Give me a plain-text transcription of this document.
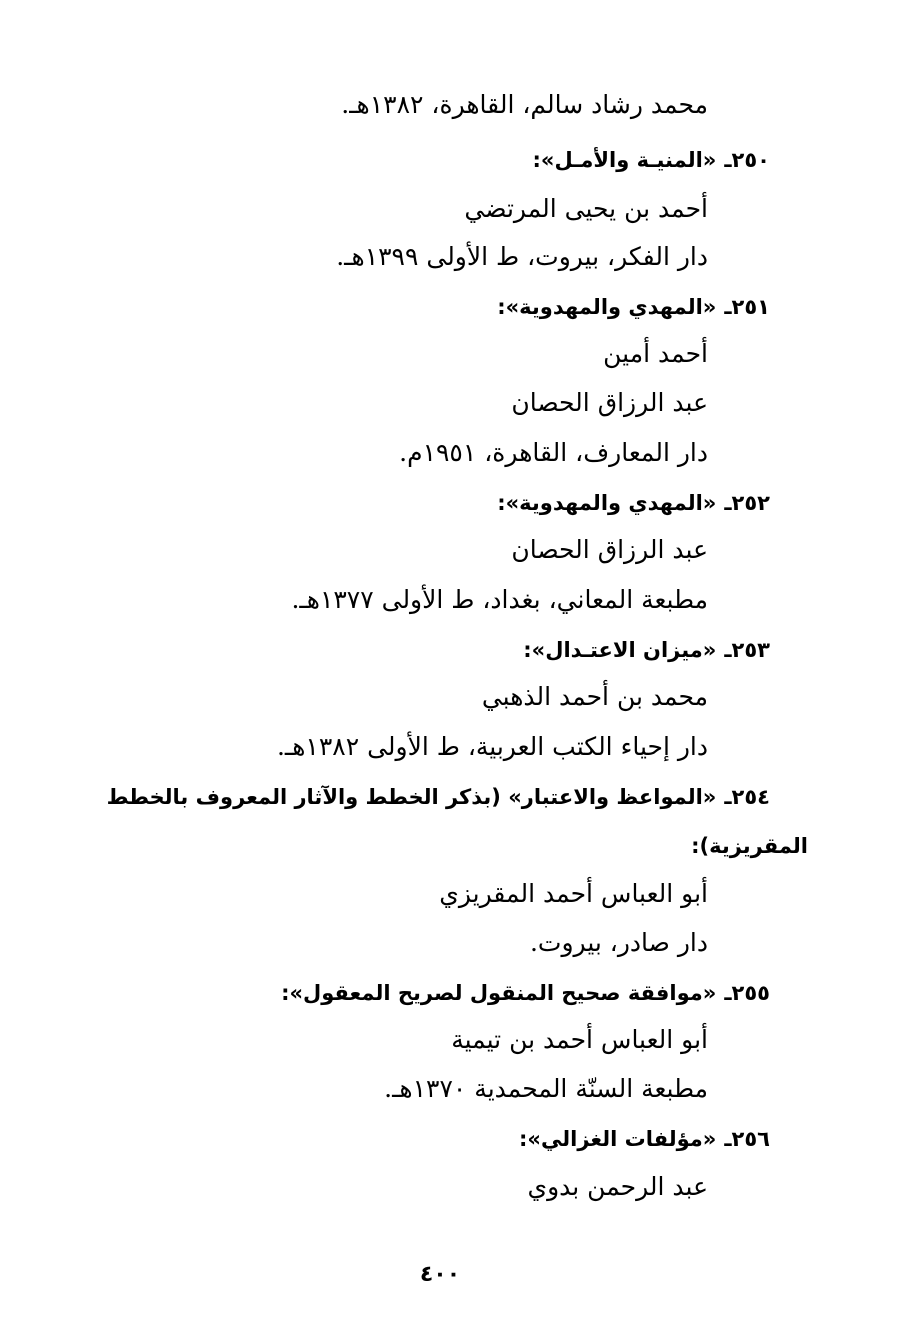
محمد رشاد سالم، القاهرة، ١٣٨٢هـ.
٢٥٠ـ«المنيـة والأمـل»:
أحمد بن يحيى المرتضي
دار الفكر، بيروت، ط الأولى ١٣٩٩هـ.
٢٥١ـ«المهدي والمهدوية»:
أحمد أمين
عبد الرزاق الحصان
دار المعارف، القاهرة، ١٩٥١م.
٢٥٢ـ«المهدي والمهدوية»:
عبد الرزاق الحصان
مطبعة المعاني، بغداد، ط الأولى ١٣٧٧هـ.
٢٥٣ـ«ميزان الاعتـدال»:
محمد بن أحمد الذهبي
دار إحياء الكتب العربية، ط الأولى ١٣٨٢هـ.
٢٥٤ـ«المواعظ والاعتبار» (بذكر الخطط والآثار المعروف بالخطط
المقريزية):
أبو العباس أحمد المقريزي
دار صادر، بيروت.
٢٥٥ـ«موافقة صحيح المنقول لصريح المعقول»:
أبو العباس أحمد بن تيمية
مطبعة السنّة المحمدية ١٣٧٠هـ.
٢٥٦ـ«مؤلفات الغزالي»:
عبد الرحمن بدوي
٤٠٠
